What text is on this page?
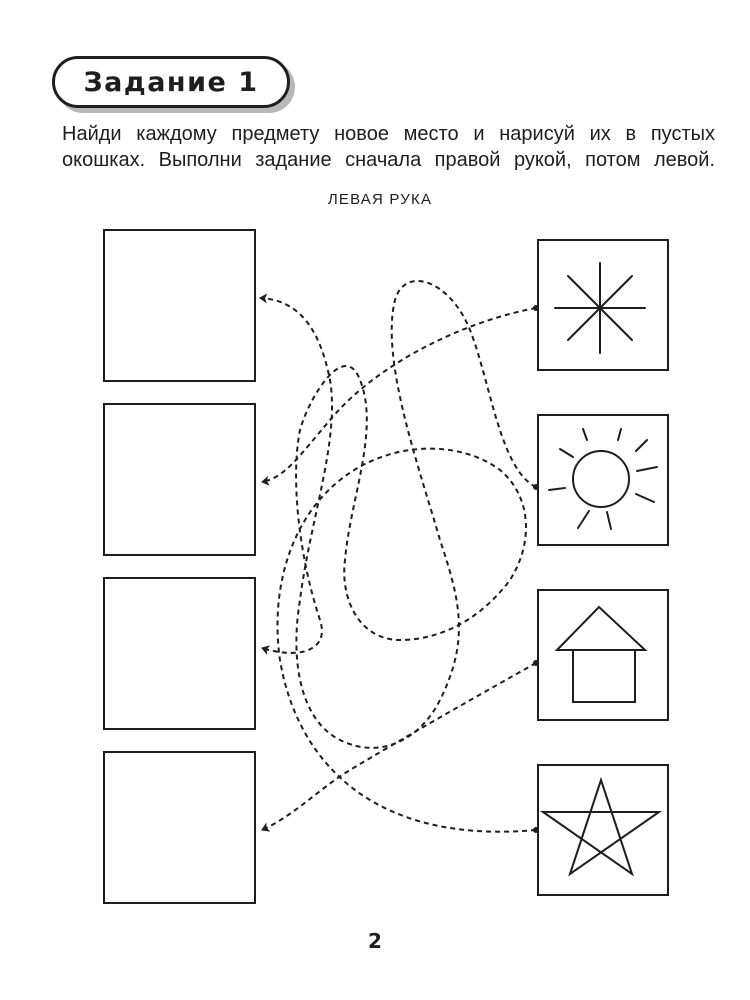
Задание 1
Найди каждому предмету новое место и нарисуй их в пустых
окошках. Выполни задание сначала правой рукой, потом левой.
ЛЕВАЯ РУКА
2
